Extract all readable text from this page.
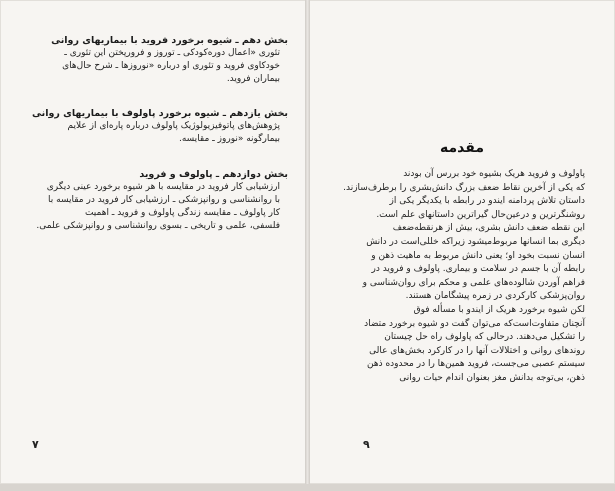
بخش دهم ـ شیوه‌ برخورد فروید با بیماریهای روانی
تئوری «اعمال دوره‌کودکی ـ توروز و فرورپختن این تئوری ـ
خودکاوی فروید و تئوری او درباره «نوروزها ـ شرح حال‌های
بیماران فروید.
بخش یازدهم ـ شیوه‌ برخورد پاولوف با بیماریهای روانی
پژوهش‌های پاتوفیزیولوژیک پاولوف درباره‌ پاره‌ای از علایم
بیمارگونه‌ «نوروز ـ مقایسه.
بخش دوازدهم ـ پاولوف و فروید
ارزشیابی کار فروید در مقایسه با هر شیوه‌ برخورد عینی دیگری
با روانشناسی و روانپزشکی ـ ارزشیابی کار فروید در مقایسه با
کار پاولوف ـ مقایسه‌ زندگی پاولوف و فروید ـ اهمیت
فلسفی، علمی و تاریخی ـ بسوی روانشناسی و روانپزشکی علمی.
۷
مقدمه
پاولوف و فروید هریک بشیوه‌ خود بررس آن بودند
که یکی از آخرین نقاط ضعف بزرگ دانش‌بشری را برطرف‌سازند.
داستان تلاش پردامنه‌ ایندو در رابطه با یکدیگر یکی از
روشنگرترین و درعین‌حال گیراترین داستانهای علم است.
این نقطه‌ ضعف دانش بشری، بیش از هرنقطه‌ضعف
دیگری بما انسانها مربوط‌میشود زیراکه خللی‌است در دانش
انسان نسبت بخود او؛ یعنی دانش مربوط به ماهیت ذهن و
رابطه‌ آن با جسم در سلامت و بیماری. پاولوف و فروید در
فراهم آوردن شالوده‌های علمی و محکم برای روان‌شناسی و
روان‌پزشکی کارکردی در زمره‌ پیشگامان هستند.
لکن شیوه‌ برخورد هریک از ایندو با مسأله‌ فوق
آنچنان متفاوت‌است‌که می‌توان گفت دو شیوه‌ برخورد متضاد
را تشکیل می‌دهند. درحالی که پاولوف راه حل چیستان
روندهای روانی و اختلالات آنها را در کارکرد بخش‌های عالی
سیستم عصبی می‌جست، فروید همین‌ها را در محدوده‌ ذهن
ذهن، بی‌توجه بدانش مغز بعنوان اندام حیات روانی
۹
